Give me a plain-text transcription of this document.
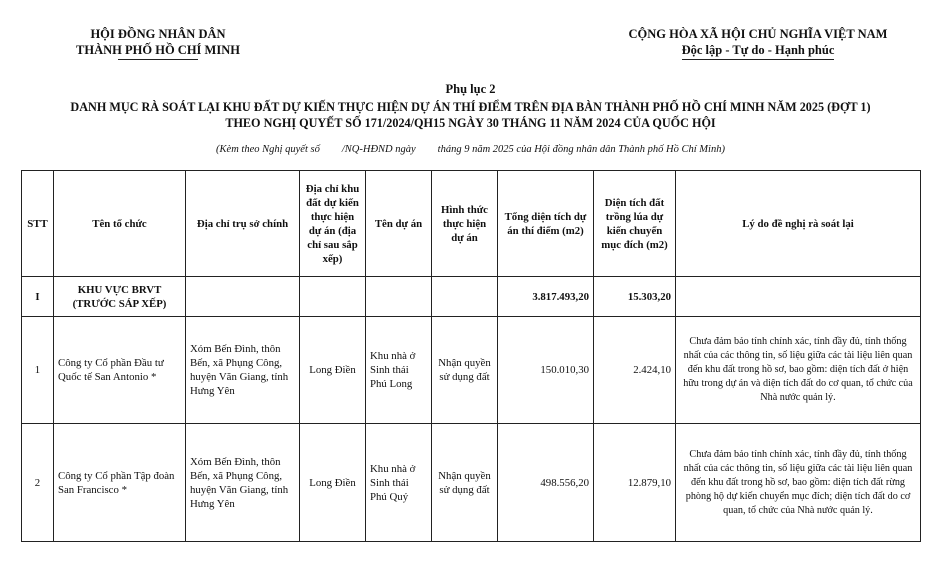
HỘI ĐỒNG NHÂN DÂN
THÀNH PHỐ HỒ CHÍ MINH
CỘNG HÒA XÃ HỘI CHỦ NGHĨA VIỆT NAM
Độc lập - Tự do - Hạnh phúc
Phụ lục 2
DANH MỤC RÀ SOÁT LẠI KHU ĐẤT DỰ KIẾN THỰC HIỆN DỰ ÁN THÍ ĐIỂM TRÊN ĐỊA BÀN THÀNH PHỐ HỒ CHÍ MINH NĂM 2025 (ĐỢT 1)
THEO NGHỊ QUYẾT SỐ 171/2024/QH15 NGÀY 30 THÁNG 11 NĂM 2024 CỦA QUỐC HỘI
(Kèm theo Nghị quyết số /NQ-HĐND ngày tháng 9 năm 2025 của Hội đồng nhân dân Thành phố Hồ Chí Minh)
STT	Tên tổ chức	Địa chỉ trụ sở chính	Địa chỉ khu đất dự kiến thực hiện dự án (địa chỉ sau sắp xếp)	Tên dự án	Hình thức thực hiện dự án	Tổng diện tích dự án thí điểm (m2)	Diện tích đất trồng lúa dự kiến chuyển mục đích (m2)	Lý do đề nghị rà soát lại
I	KHU VỰC BRVT (TRƯỚC SÁP XẾP)					3.817.493,20	15.303,20	
1	Công ty Cổ phần Đầu tư Quốc tế San Antonio *	Xóm Bến Đình, thôn Bến, xã Phụng Công, huyện Văn Giang, tỉnh Hưng Yên	Long Điền	Khu nhà ở Sinh thái Phú Long	Nhận quyền sử dụng đất	150.010,30	2.424,10	Chưa đảm bảo tính chính xác, tính đầy đủ, tính thống nhất của các thông tin, số liệu giữa các tài liệu liên quan đến khu đất trong hồ sơ, bao gồm: diện tích đất ở hiện hữu trong dự án và diện tích đất do cơ quan, tổ chức của Nhà nước quản lý.
2	Công ty Cổ phần Tập đoàn San Francisco *	Xóm Bến Đình, thôn Bến, xã Phụng Công, huyện Văn Giang, tỉnh Hưng Yên	Long Điền	Khu nhà ở Sinh thái Phú Quý	Nhận quyền sử dụng đất	498.556,20	12.879,10	Chưa đảm bảo tính chính xác, tính đầy đủ, tính thống nhất của các thông tin, số liệu giữa các tài liệu liên quan đến khu đất trong hồ sơ, bao gồm: diện tích đất rừng phòng hộ dự kiến chuyển mục đích; diện tích đất do cơ quan, tổ chức của Nhà nước quản lý.
